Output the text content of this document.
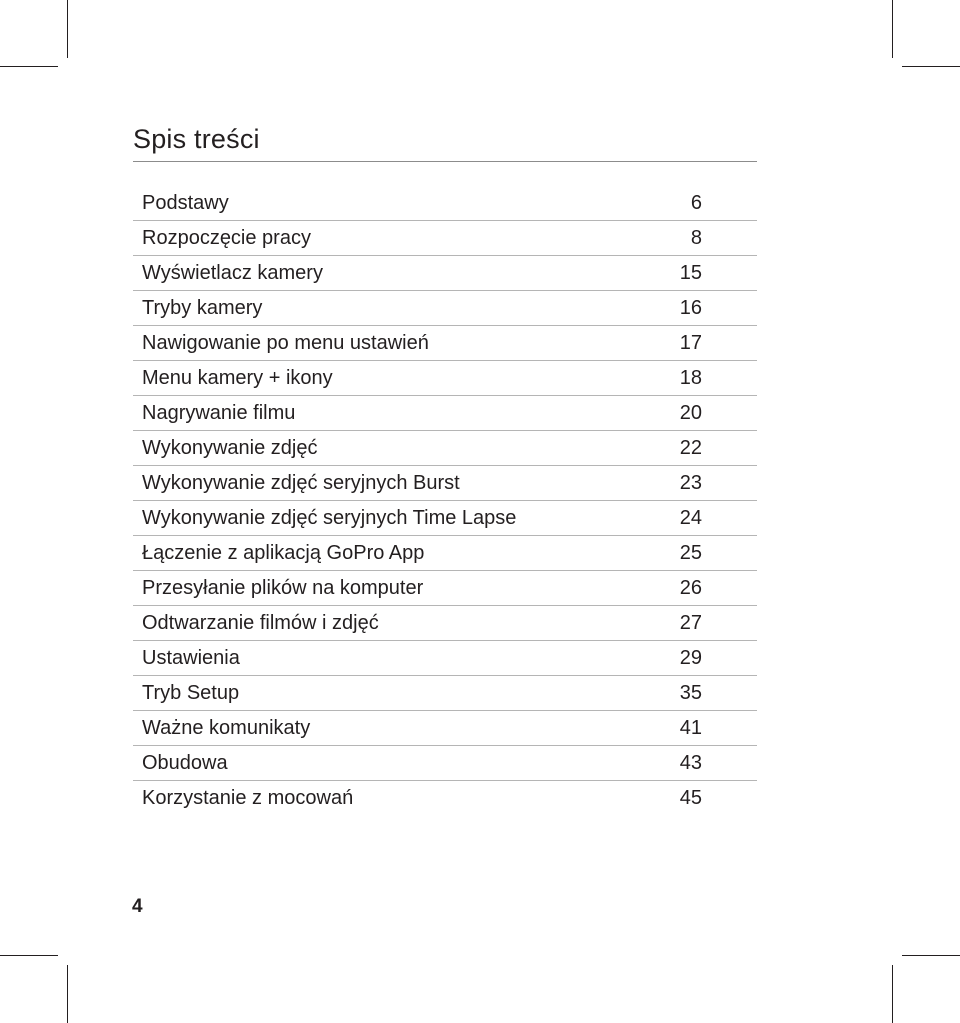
Spis treści
Podstawy	6
Rozpoczęcie pracy	8
Wyświetlacz kamery	15
Tryby kamery	16
Nawigowanie po menu ustawień	17
Menu kamery + ikony	18
Nagrywanie filmu	20
Wykonywanie zdjęć	22
Wykonywanie zdjęć seryjnych Burst	23
Wykonywanie zdjęć seryjnych Time Lapse	24
Łączenie z aplikacją GoPro App	25
Przesyłanie plików na komputer	26
Odtwarzanie filmów i zdjęć	27
Ustawienia	29
Tryb Setup	35
Ważne komunikaty	41
Obudowa	43
Korzystanie z mocowań	45
4
